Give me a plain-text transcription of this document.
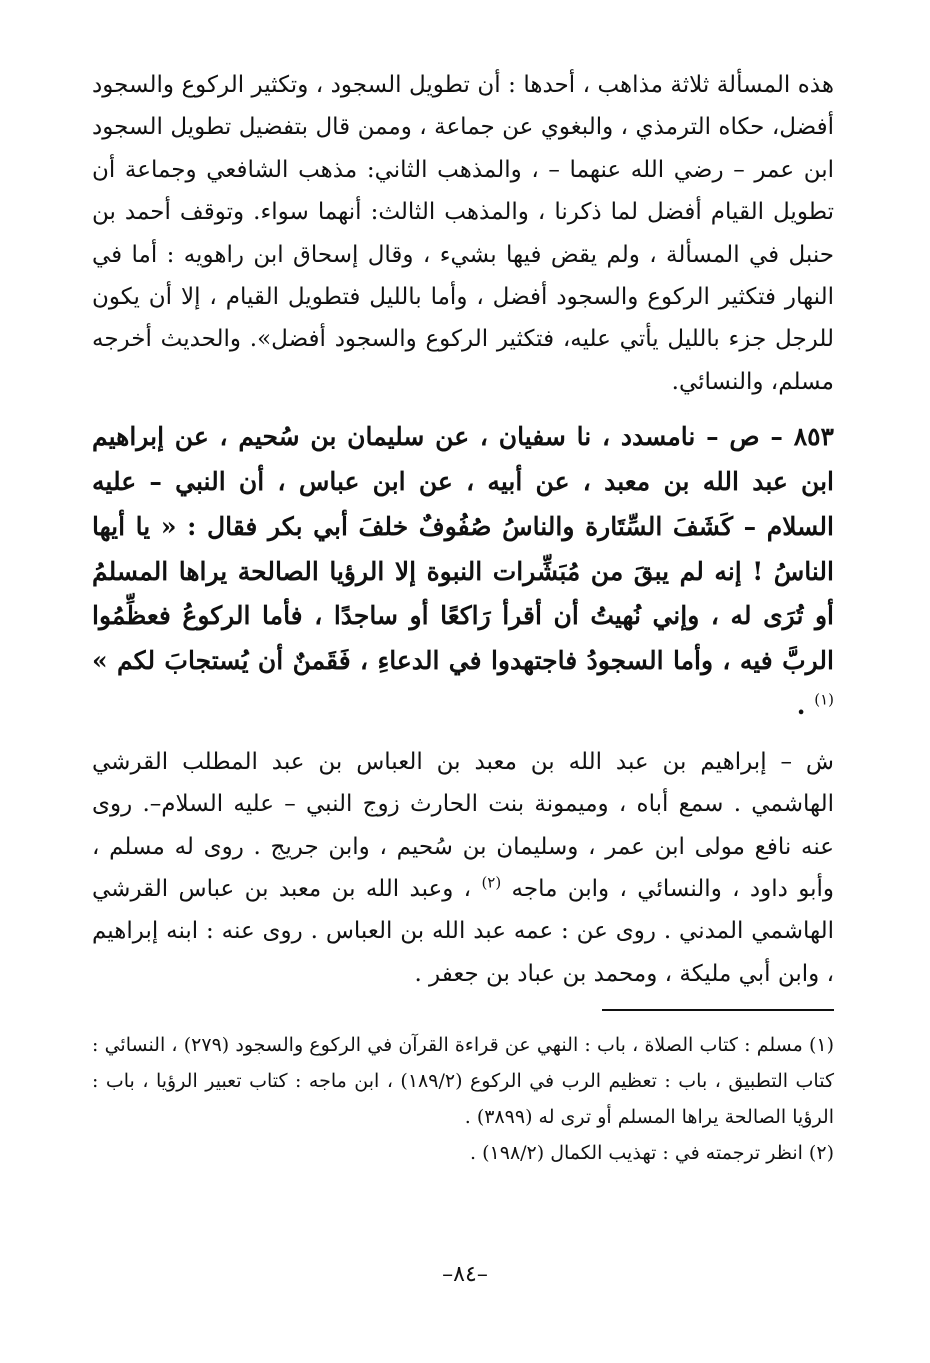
هذه المسألة ثلاثة مذاهب ، أحدها : أن تطويل السجود ، وتكثير الركوع والسجود أفضل، حكاه الترمذي ، والبغوي عن جماعة ، وممن قال بتفضيل تطويل السجود ابن عمر – رضي الله عنهما – ، والمذهب الثاني: مذهب الشافعي وجماعة أن تطويل القيام أفضل لما ذكرنا ، والمذهب الثالث: أنهما سواء. وتوقف أحمد بن حنبل في المسألة ، ولم يقض فيها بشيء ، وقال إسحاق ابن راهويه : أما في النهار فتكثير الركوع والسجود أفضل ، وأما بالليل فتطويل القيام ، إلا أن يكون للرجل جزء بالليل يأتي عليه، فتكثير الركوع والسجود أفضل». والحديث أخرجه مسلم، والنسائي.

٨٥٣ – ص – نامسدد ، نا سفيان ، عن سليمان بن سُحيم ، عن إبراهيم ابن عبد الله بن معبد ، عن أبيه ، عن ابن عباس ، أن النبي – عليه السلام – كَشَفَ السِّتَارة والناسُ صُفُوفٌ خلفَ أبي بكر فقال : « يا أيها الناسُ ! إنه لم يبقَ من مُبَشِّرات النبوة إلا الرؤيا الصالحة يراها المسلمُ أو تُرَى له ، وإني نُهيتُ أن أقرأ رَاكعًا أو ساجدًا ، فأما الركوعُ فعظِّمُوا الربَّ فيه ، وأما السجودُ فاجتهدوا في الدعاءِ ، فَقَمنٌ أن يُستجابَ لكم » $^{(١)}$ .

ش – إبراهيم بن عبد الله بن معبد بن العباس بن عبد المطلب القرشي الهاشمي . سمع أباه ، وميمونة بنت الحارث زوج النبي – عليه السلام–. روى عنه نافع مولى ابن عمر ، وسليمان بن سُحيم ، وابن جريج . روى له مسلم ، وأبو داود ، والنسائي ، وابن ماجه $^{(٢)}$ ، وعبد الله بن معبد بن عباس القرشي الهاشمي المدني . روى عن : عمه عبد الله بن العباس . روى عنه : ابنه إبراهيم ، وابن أبي مليكة ، ومحمد بن عباد بن جعفر .

(١) مسلم : كتاب الصلاة ، باب : النهي عن قراءة القرآن في الركوع والسجود (٢٧٩) ، النسائي : كتاب التطبيق ، باب : تعظيم الرب في الركوع (١٨٩/٢) ، ابن ماجه : كتاب تعبير الرؤيا ، باب : الرؤيا الصالحة يراها المسلم أو ترى له (٣٨٩٩) .

(٢) انظر ترجمته في : تهذيب الكمال (١٩٨/٢) .

–٨٤–
